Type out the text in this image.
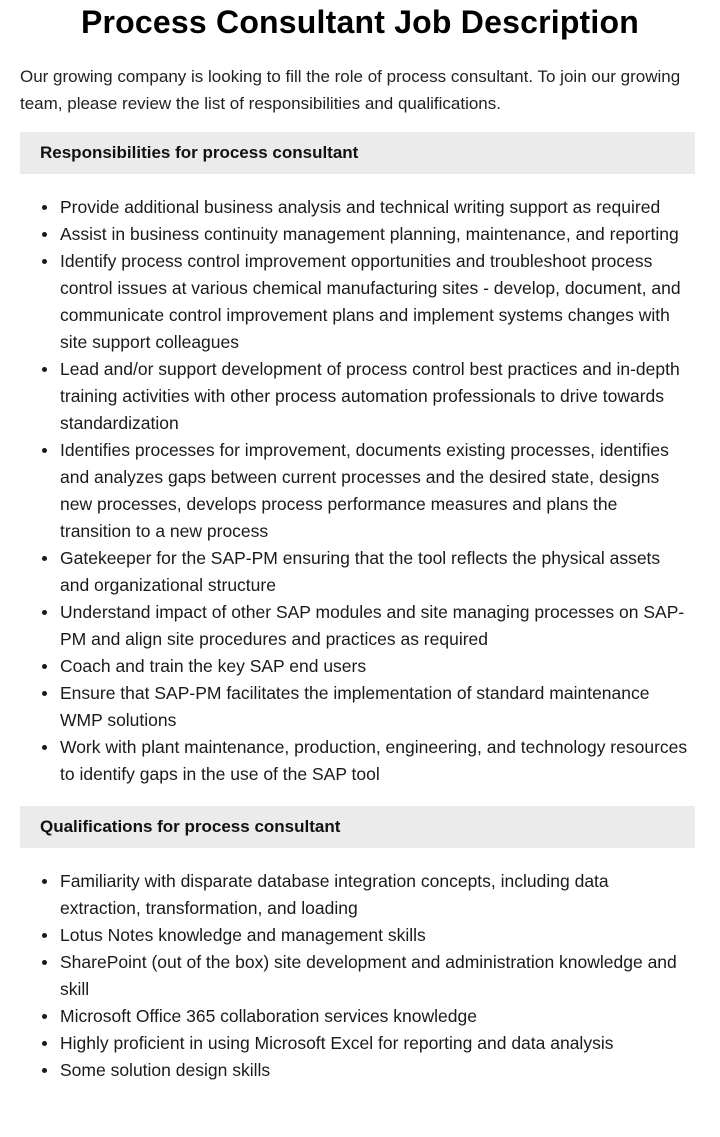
Process Consultant Job Description

Our growing company is looking to fill the role of process consultant. To join our growing team, please review the list of responsibilities and qualifications.

Responsibilities for process consultant
Provide additional business analysis and technical writing support as required
Assist in business continuity management planning, maintenance, and reporting
Identify process control improvement opportunities and troubleshoot process control issues at various chemical manufacturing sites - develop, document, and communicate control improvement plans and implement systems changes with site support colleagues
Lead and/or support development of process control best practices and in-depth training activities with other process automation professionals to drive towards standardization
Identifies processes for improvement, documents existing processes, identifies and analyzes gaps between current processes and the desired state, designs new processes, develops process performance measures and plans the transition to a new process
Gatekeeper for the SAP-PM ensuring that the tool reflects the physical assets and organizational structure
Understand impact of other SAP modules and site managing processes on SAP-PM and align site procedures and practices as required
Coach and train the key SAP end users
Ensure that SAP-PM facilitates the implementation of standard maintenance WMP solutions
Work with plant maintenance, production, engineering, and technology resources to identify gaps in the use of the SAP tool
Qualifications for process consultant
Familiarity with disparate database integration concepts, including data extraction, transformation, and loading
Lotus Notes knowledge and management skills
SharePoint (out of the box) site development and administration knowledge and skill
Microsoft Office 365 collaboration services knowledge
Highly proficient in using Microsoft Excel for reporting and data analysis
Some solution design skills
